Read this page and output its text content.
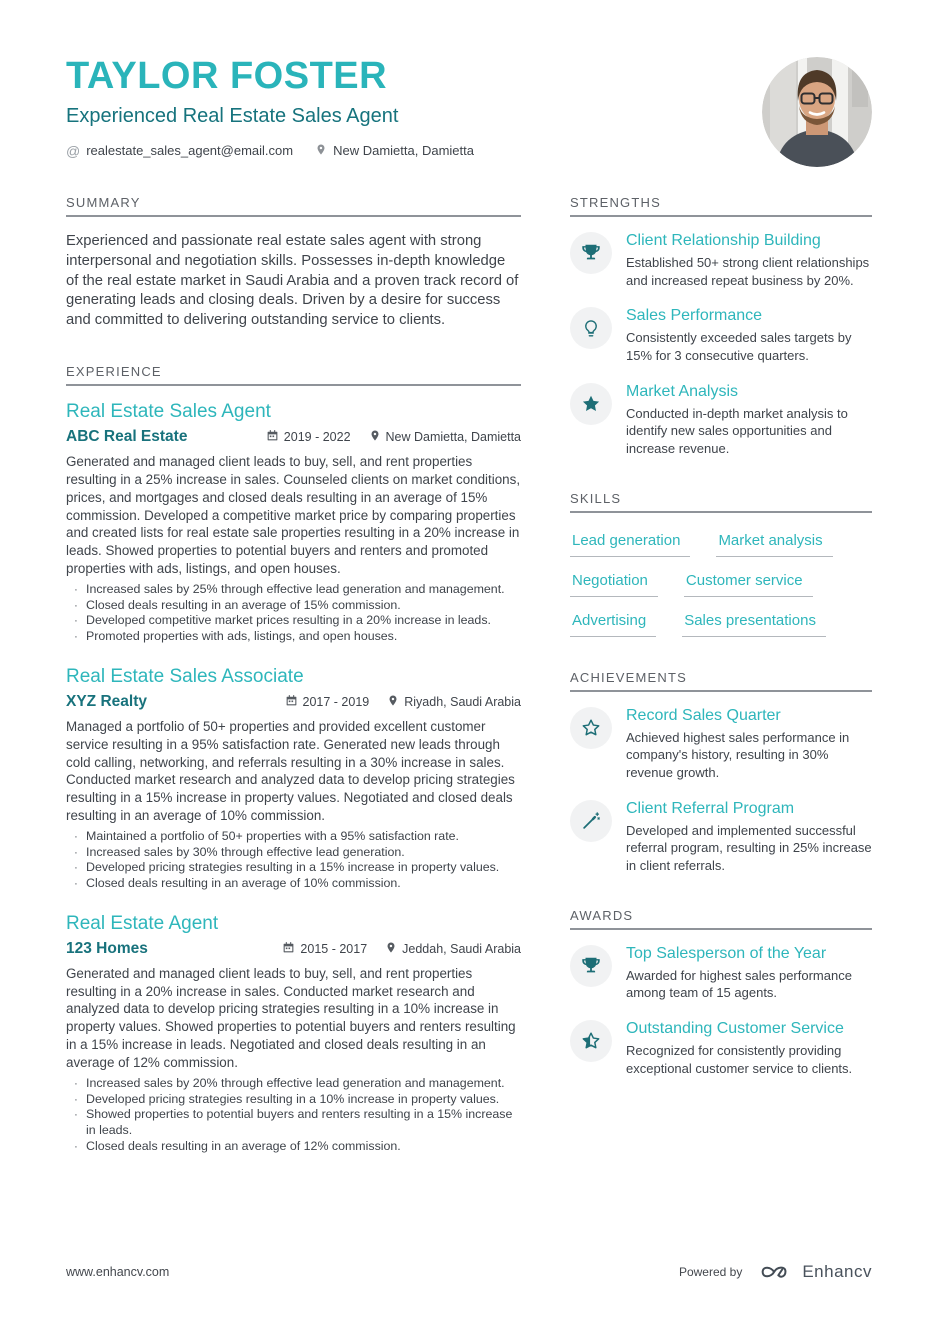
TAYLOR FOSTER
Experienced Real Estate Sales Agent
@ realestate_sales_agent@email.com	New Damietta, Damietta
SUMMARY

Experienced and passionate real estate sales agent with strong interpersonal and negotiation skills. Possesses in-depth knowledge of the real estate market in Saudi Arabia and a proven track record of generating leads and closing deals. Driven by a desire for success and committed to delivering outstanding service to clients.

EXPERIENCE
Real Estate Sales Agent
ABC Real Estate	2019 - 2022	New Damietta, Damietta

Generated and managed client leads to buy, sell, and rent properties resulting in a 25% increase in sales. Counseled clients on market conditions, prices, and mortgages and closed deals resulting in an average of 15% commission. Developed a competitive market price by comparing properties and created lists for real estate sale properties resulting in a 20% increase in leads. Showed properties to potential buyers and renters and promoted properties with ads, listings, and open houses.

· Increased sales by 25% through effective lead generation and management.
· Closed deals resulting in an average of 15% commission.
· Developed competitive market prices resulting in a 20% increase in leads.
· Promoted properties with ads, listings, and open houses.
Real Estate Sales Associate
XYZ Realty	2017 - 2019	Riyadh, Saudi Arabia

Managed a portfolio of 50+ properties and provided excellent customer service resulting in a 95% satisfaction rate. Generated new leads through cold calling, networking, and referrals resulting in a 30% increase in sales. Conducted market research and analyzed data to develop pricing strategies resulting in a 15% increase in property values. Negotiated and closed deals resulting in an average of 10% commission.

· Maintained a portfolio of 50+ properties with a 95% satisfaction rate.
· Increased sales by 30% through effective lead generation.
· Developed pricing strategies resulting in a 15% increase in property values.
· Closed deals resulting in an average of 10% commission.
Real Estate Agent
123 Homes	2015 - 2017	Jeddah, Saudi Arabia

Generated and managed client leads to buy, sell, and rent properties resulting in a 20% increase in sales. Conducted market research and analyzed data to develop pricing strategies resulting in a 10% increase in property values. Showed properties to potential buyers and renters resulting in a 15% increase in leads. Negotiated and closed deals resulting in an average of 12% commission.

· Increased sales by 20% through effective lead generation and management.
· Developed pricing strategies resulting in a 10% increase in property values.
· Showed properties to potential buyers and renters resulting in a 15% increase in leads.
· Closed deals resulting in an average of 12% commission.
STRENGTHS
Client Relationship Building
Established 50+ strong client relationships and increased repeat business by 20%.
Sales Performance
Consistently exceeded sales targets by 15% for 3 consecutive quarters.
Market Analysis
Conducted in-depth market analysis to identify new sales opportunities and increase revenue.
SKILLS
Lead generation	Market analysis
Negotiation	Customer service
Advertising	Sales presentations
ACHIEVEMENTS
Record Sales Quarter
Achieved highest sales performance in company's history, resulting in 30% revenue growth.
Client Referral Program
Developed and implemented successful referral program, resulting in 25% increase in client referrals.
AWARDS
Top Salesperson of the Year
Awarded for highest sales performance among team of 15 agents.
Outstanding Customer Service
Recognized for consistently providing exceptional customer service to clients.
www.enhancv.com	Powered by	Enhancv
